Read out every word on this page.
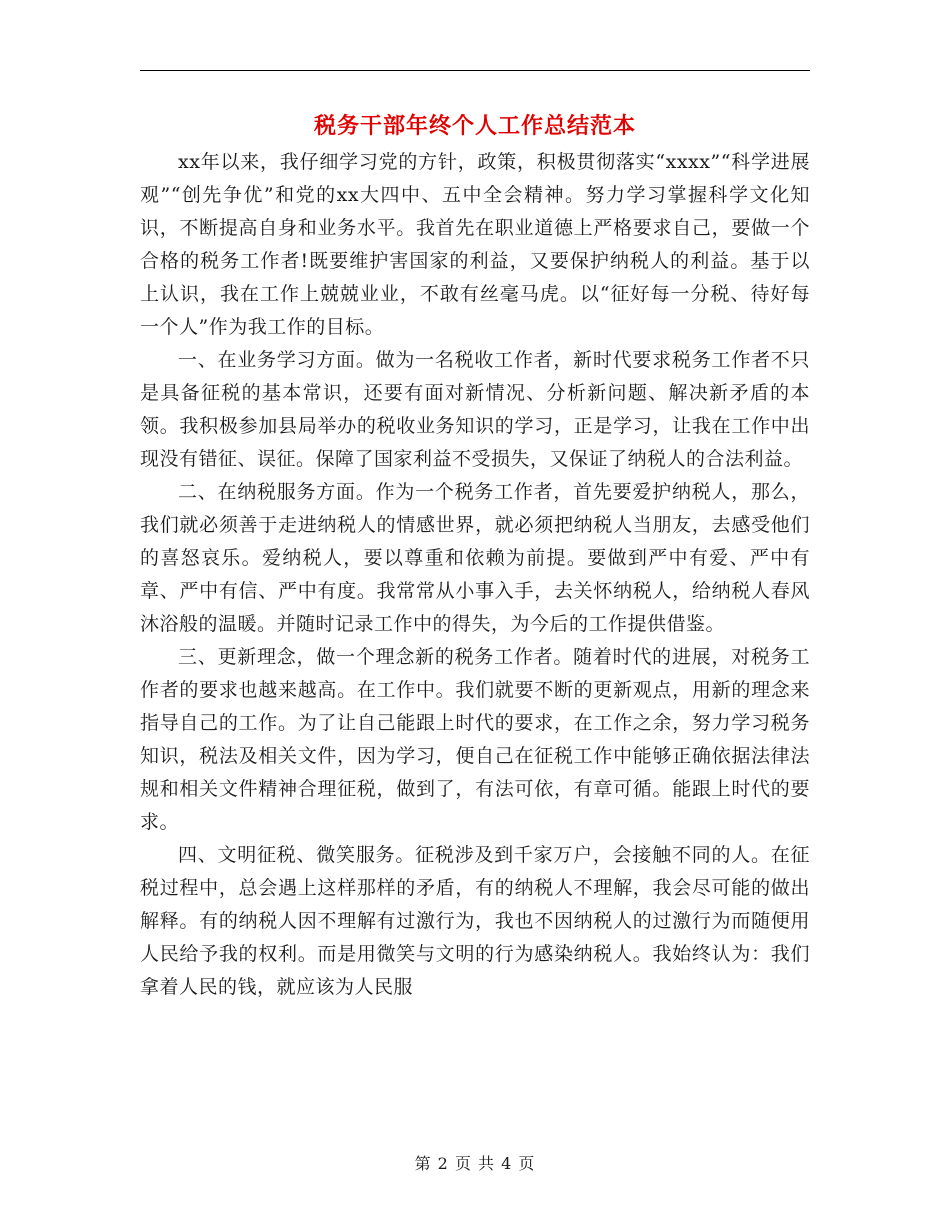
税务干部年终个人工作总结范本

xx年以来，我仔细学习党的方针，政策，积极贯彻落实“xxxx”“科学进展观”“创先争优”和党的xx大四中、五中全会精神。努力学习掌握科学文化知识，不断提高自身和业务水平。我首先在职业道德上严格要求自己，要做一个合格的税务工作者!既要维护害国家的利益，又要保护纳税人的利益。基于以上认识，我在工作上兢兢业业，不敢有丝毫马虎。以“征好每一分税、待好每一个人”作为我工作的目标。

一、在业务学习方面。做为一名税收工作者，新时代要求税务工作者不只是具备征税的基本常识，还要有面对新情况、分析新问题、解决新矛盾的本领。我积极参加县局举办的税收业务知识的学习，正是学习，让我在工作中出现没有错征、误征。保障了国家利益不受损失，又保证了纳税人的合法利益。

二、在纳税服务方面。作为一个税务工作者，首先要爱护纳税人，那么，我们就必须善于走进纳税人的情感世界，就必须把纳税人当朋友，去感受他们的喜怒哀乐。爱纳税人，要以尊重和依赖为前提。要做到严中有爱、严中有章、严中有信、严中有度。我常常从小事入手，去关怀纳税人，给纳税人春风沐浴般的温暖。并随时记录工作中的得失，为今后的工作提供借鉴。

三、更新理念，做一个理念新的税务工作者。随着时代的进展，对税务工作者的要求也越来越高。在工作中。我们就要不断的更新观点，用新的理念来指导自己的工作。为了让自己能跟上时代的要求，在工作之余，努力学习税务知识，税法及相关文件，因为学习，便自己在征税工作中能够正确依据法律法规和相关文件精神合理征税，做到了，有法可依，有章可循。能跟上时代的要求。

四、文明征税、微笑服务。征税涉及到千家万户，会接触不同的人。在征税过程中，总会遇上这样那样的矛盾，有的纳税人不理解，我会尽可能的做出解释。有的纳税人因不理解有过激行为，我也不因纳税人的过激行为而随便用人民给予我的权利。而是用微笑与文明的行为感染纳税人。我始终认为：我们拿着人民的钱，就应该为人民服

第 2 页 共 4 页
